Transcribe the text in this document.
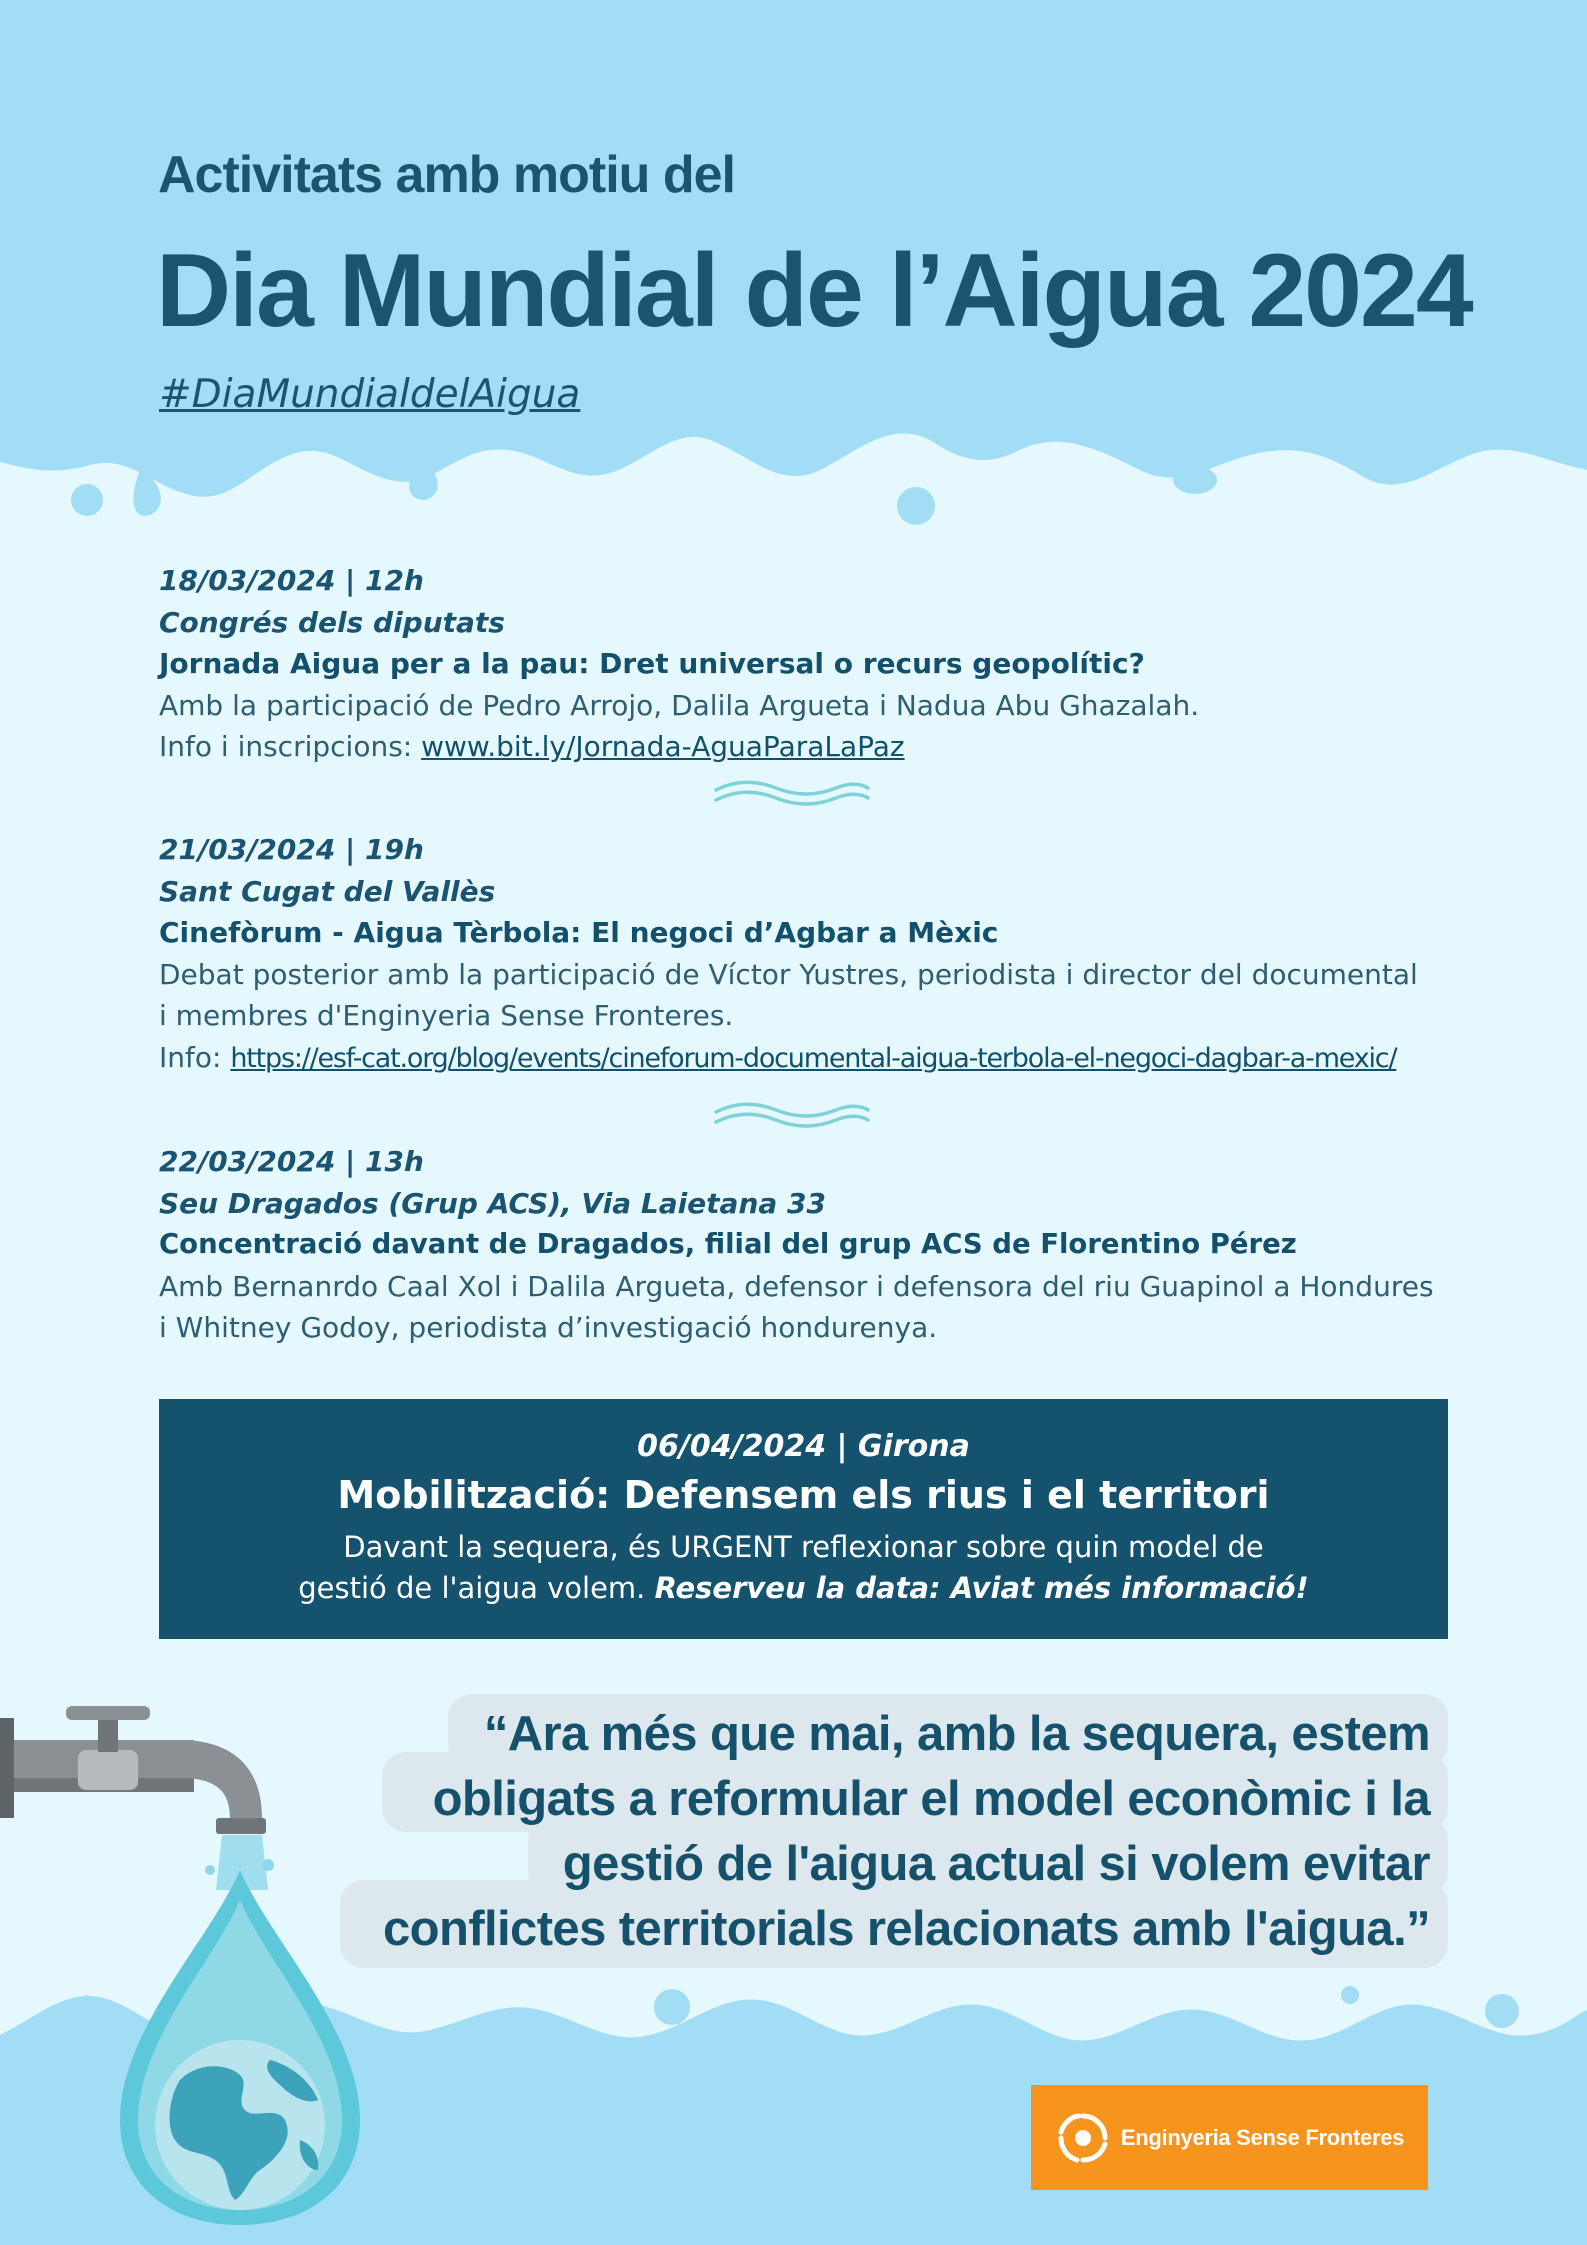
Activitats amb motiu del
Dia Mundial de l’Aigua 2024
#DiaMundialdelAigua
18/03/2024 | 12h
Congrés dels diputats
Jornada Aigua per a la pau: Dret universal o recurs geopolític?
Amb la participació de Pedro Arrojo, Dalila Argueta i Nadua Abu Ghazalah.
Info i inscripcions: www.bit.ly/Jornada-AguaParaLaPaz
21/03/2024 | 19h
Sant Cugat del Vallès
Cinefòrum - Aigua Tèrbola: El negoci d’Agbar a Mèxic
Debat posterior amb la participació de Víctor Yustres, periodista i director del documental i membres d'Enginyeria Sense Fronteres.
Info: https://esf-cat.org/blog/events/cineforum-documental-aigua-terbola-el-negoci-dagbar-a-mexic/
22/03/2024 | 13h
Seu Dragados (Grup ACS), Via Laietana 33
Concentració davant de Dragados, filial del grup ACS de Florentino Pérez
Amb Bernanrdo Caal Xol i Dalila Argueta, defensor i defensora del riu Guapinol a Hondures i Whitney Godoy, periodista d’investigació hondurenya.
06/04/2024 | Girona
Mobilització: Defensem els rius i el territori
Davant la sequera, és URGENT reflexionar sobre quin model de
gestió de l'aigua volem. Reserveu la data: Aviat més informació!
“Ara més que mai, amb la sequera, estem
obligats a reformular el model econòmic i la
gestió de l'aigua actual si volem evitar
conflictes territorials relacionats amb l'aigua.”
Enginyeria Sense Fronteres
